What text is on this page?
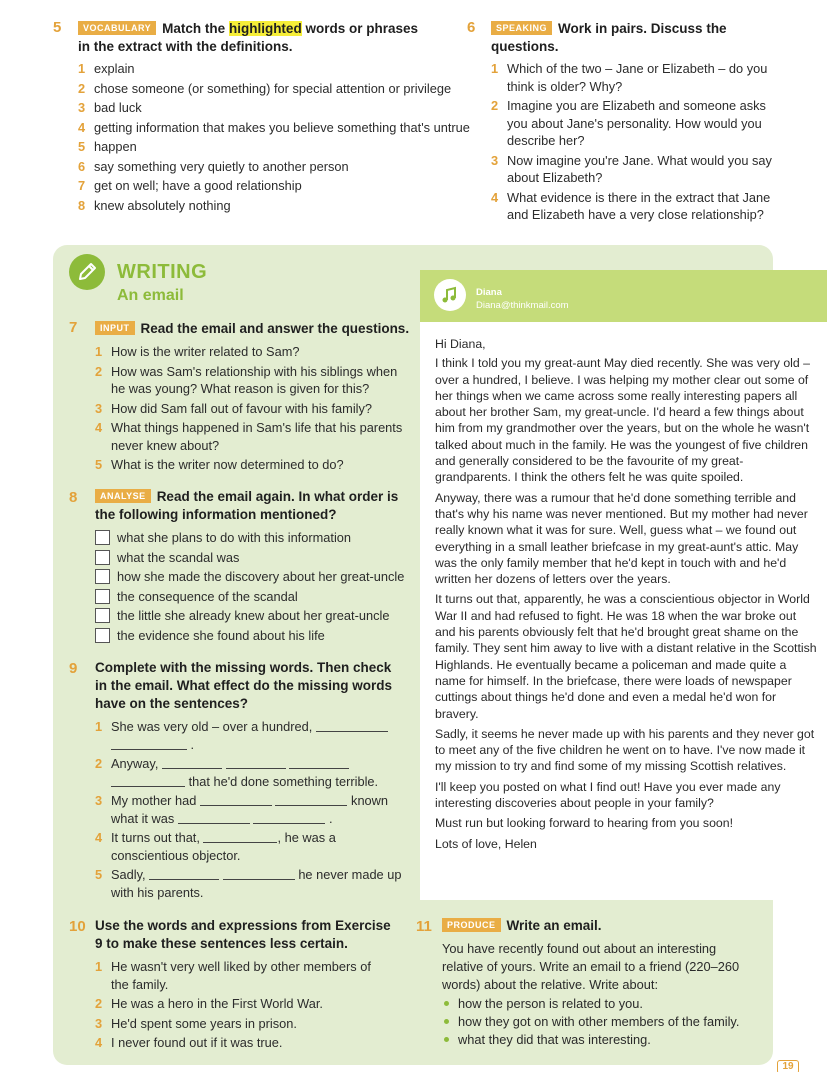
5	VOCABULARY Match the highlighted words or phrases
in the extract with the definitions.
1 explain
2 chose someone (or something) for special attention or privilege
3 bad luck
4 getting information that makes you believe something that's untrue
5 happen
6 say something very quietly to another person
7 get on well; have a good relationship
8 knew absolutely nothing
6	SPEAKING Work in pairs. Discuss the questions.
1 Which of the two – Jane or Elizabeth – do you think is older? Why?
2 Imagine you are Elizabeth and someone asks you about Jane's personality. How would you describe her?
3 Now imagine you're Jane. What would you say about Elizabeth?
4 What evidence is there in the extract that Jane and Elizabeth have a very close relationship?
WRITING
An email	Diana
Diana@thinkmail.com

Hi Diana,

I think I told you my great-aunt May died recently. She was very old – over a hundred, I believe. I was helping my mother clear out some of her things when we came across some really interesting papers all about her brother Sam, my great-uncle. I'd heard a few things about him from my grandmother over the years, but on the whole he wasn't talked about much in the family. He was the youngest of five children and generally considered to be the favourite of my great-grandparents. I think the others felt he was quite spoiled.

Anyway, there was a rumour that he'd done something terrible and that's why his name was never mentioned. But my mother had never really known what it was for sure. Well, guess what – we found out everything in a small leather briefcase in my great-aunt's attic. May was the only family member that he'd kept in touch with and he'd written her dozens of letters over the years.

It turns out that, apparently, he was a conscientious objector in World War II and had refused to fight. He was 18 when the war broke out and his parents obviously felt that he'd brought great shame on the family. They sent him away to live with a distant relative in the Scottish Highlands. He eventually became a policeman and made quite a name for himself. In the briefcase, there were loads of newspaper cuttings about things he'd done and even a medal he'd won for bravery.

Sadly, it seems he never made up with his parents and they never got to meet any of the five children he went on to have. I've now made it my mission to try and find some of my missing Scottish relatives.

I'll keep you posted on what I find out! Have you ever made any interesting discoveries about people in your family?

Must run but looking forward to hearing from you soon!

Lots of love, Helen

7	INPUT Read the email and answer the questions.
1 How is the writer related to Sam?
2 How was Sam's relationship with his siblings when he was young? What reason is given for this?
3 How did Sam fall out of favour with his family?
4 What things happened in Sam's life that his parents never knew about?
5 What is the writer now determined to do?
8	ANALYSE Read the email again. In what order is the following information mentioned?
what she plans to do with this information
what the scandal was
how she made the discovery about her great-uncle
the consequence of the scandal
the little she already knew about her great-uncle
the evidence she found about his life
9 Complete with the missing words. Then check in the email. What effect do the missing words have on the sentences?
1 She was very old – over a hundred,
.
2 Anyway,
that he'd done something terrible.
3 My mother had	known
what it was	.
4 It turns out that,	, he was a
conscientious objector.
5 Sadly,	he never made up
with his parents.
10 Use the words and expressions from Exercise 9 to make these sentences less certain.
1 He wasn't very well liked by other members of the family.
2 He was a hero in the First World War.
3 He'd spent some years in prison.
4 I never found out if it was true.
11	PRODUCE Write an email.
You have recently found out about an interesting relative of yours. Write an email to a friend (220–260 words) about the relative. Write about:
how the person is related to you.
how they got on with other members of the family.
what they did that was interesting.
19
